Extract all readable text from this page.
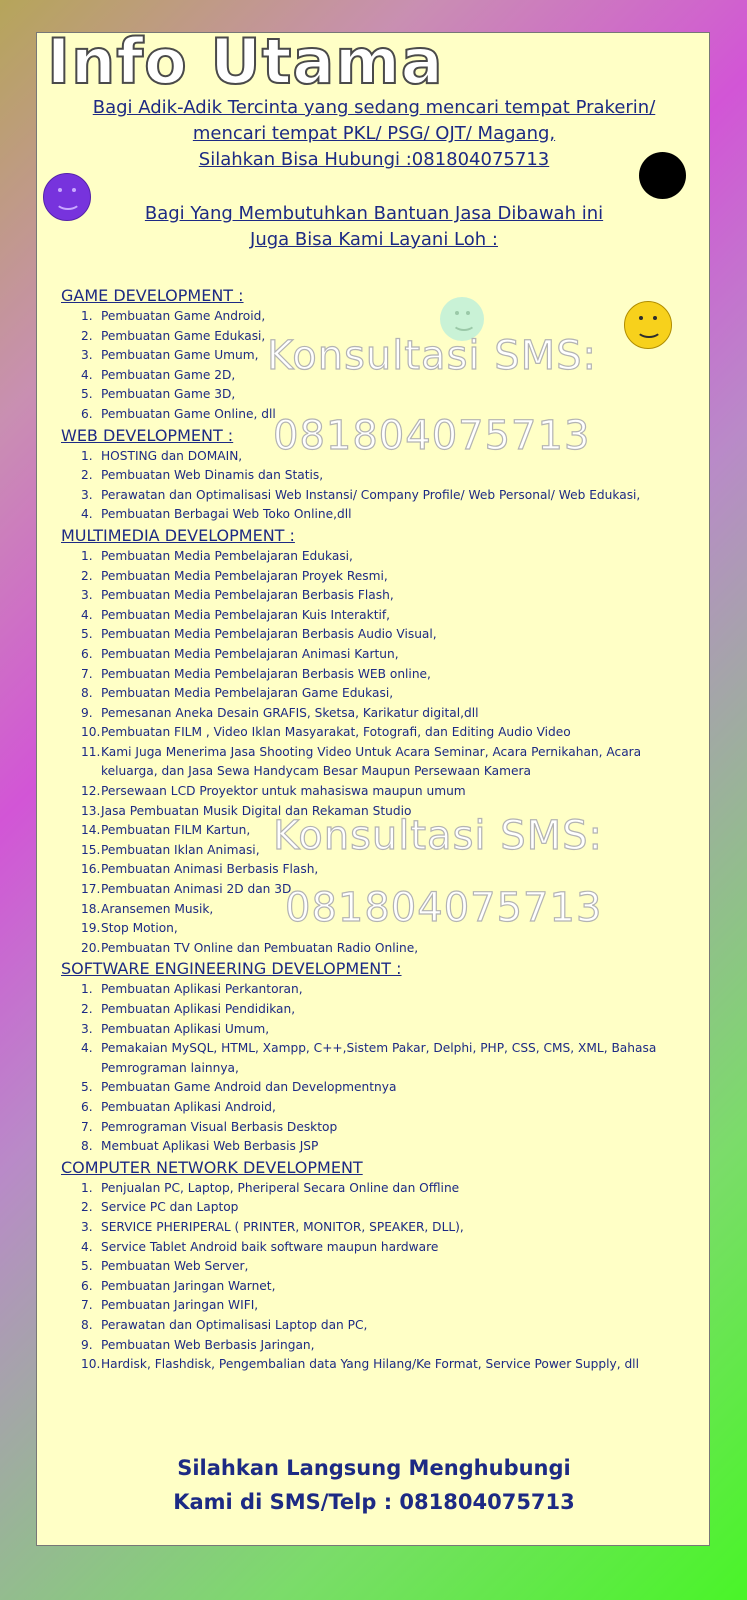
Info Utama

Bagi Adik-Adik Tercinta yang sedang mencari tempat Prakerin/

mencari tempat PKL/ PSG/ OJT/ Magang,

Silahkan Bisa Hubungi :081804075713

Bagi Yang Membutuhkan Bantuan Jasa Dibawah ini

Juga Bisa Kami Layani Loh :

GAME DEVELOPMENT :
1. Pembuatan Game Android,
2. Pembuatan Game Edukasi,
3. Pembuatan Game Umum,
4. Pembuatan Game 2D,
5. Pembuatan Game 3D,
6. Pembuatan Game Online, dll
WEB DEVELOPMENT :
1. HOSTING dan DOMAIN,
2. Pembuatan Web Dinamis dan Statis,
3. Perawatan dan Optimalisasi Web Instansi/ Company Profile/ Web Personal/ Web Edukasi,
4. Pembuatan Berbagai Web Toko Online,dll
MULTIMEDIA DEVELOPMENT :
1. Pembuatan Media Pembelajaran Edukasi,
2. Pembuatan Media Pembelajaran Proyek Resmi,
3. Pembuatan Media Pembelajaran Berbasis Flash,
4. Pembuatan Media Pembelajaran Kuis Interaktif,
5. Pembuatan Media Pembelajaran Berbasis Audio Visual,
6. Pembuatan Media Pembelajaran Animasi Kartun,
7. Pembuatan Media Pembelajaran Berbasis WEB online,
8. Pembuatan Media Pembelajaran Game Edukasi,
9. Pemesanan Aneka Desain GRAFIS, Sketsa, Karikatur digital,dll
10. Pembuatan FILM , Video Iklan Masyarakat, Fotografi, dan Editing Audio Video
11. Kami Juga Menerima Jasa Shooting Video Untuk Acara Seminar, Acara Pernikahan, Acara keluarga, dan Jasa Sewa Handycam Besar Maupun Persewaan Kamera
12. Persewaan LCD Proyektor untuk mahasiswa maupun umum
13. Jasa Pembuatan Musik Digital dan Rekaman Studio
14. Pembuatan FILM Kartun,
15. Pembuatan Iklan Animasi,
16. Pembuatan Animasi Berbasis Flash,
17. Pembuatan Animasi 2D dan 3D,
18. Aransemen Musik,
19. Stop Motion,
20. Pembuatan TV Online dan Pembuatan Radio Online,
SOFTWARE ENGINEERING DEVELOPMENT :
1. Pembuatan Aplikasi Perkantoran,
2. Pembuatan Aplikasi Pendidikan,
3. Pembuatan Aplikasi Umum,
4. Pemakaian MySQL, HTML, Xampp, C++,Sistem Pakar, Delphi, PHP, CSS, CMS, XML, Bahasa Pemrograman lainnya,
5. Pembuatan Game Android dan Developmentnya
6. Pembuatan Aplikasi Android,
7. Pemrograman Visual Berbasis Desktop
8. Membuat Aplikasi Web Berbasis JSP
COMPUTER NETWORK DEVELOPMENT
1. Penjualan PC, Laptop, Pheriperal Secara Online dan Offline
2. Service PC dan Laptop
3. SERVICE PHERIPERAL ( PRINTER, MONITOR, SPEAKER, DLL),
4. Service Tablet Android baik software maupun hardware
5. Pembuatan Web Server,
6. Pembuatan Jaringan Warnet,
7. Pembuatan Jaringan WIFI,
8. Perawatan dan Optimalisasi Laptop dan PC,
9. Pembuatan Web Berbasis Jaringan,
10. Hardisk, Flashdisk, Pengembalian data Yang Hilang/Ke Format, Service Power Supply, dll
Konsultasi SMS:
081804075713
Konsultasi SMS:
081804075713

Silahkan Langsung Menghubungi

Kami di SMS/Telp : 081804075713
